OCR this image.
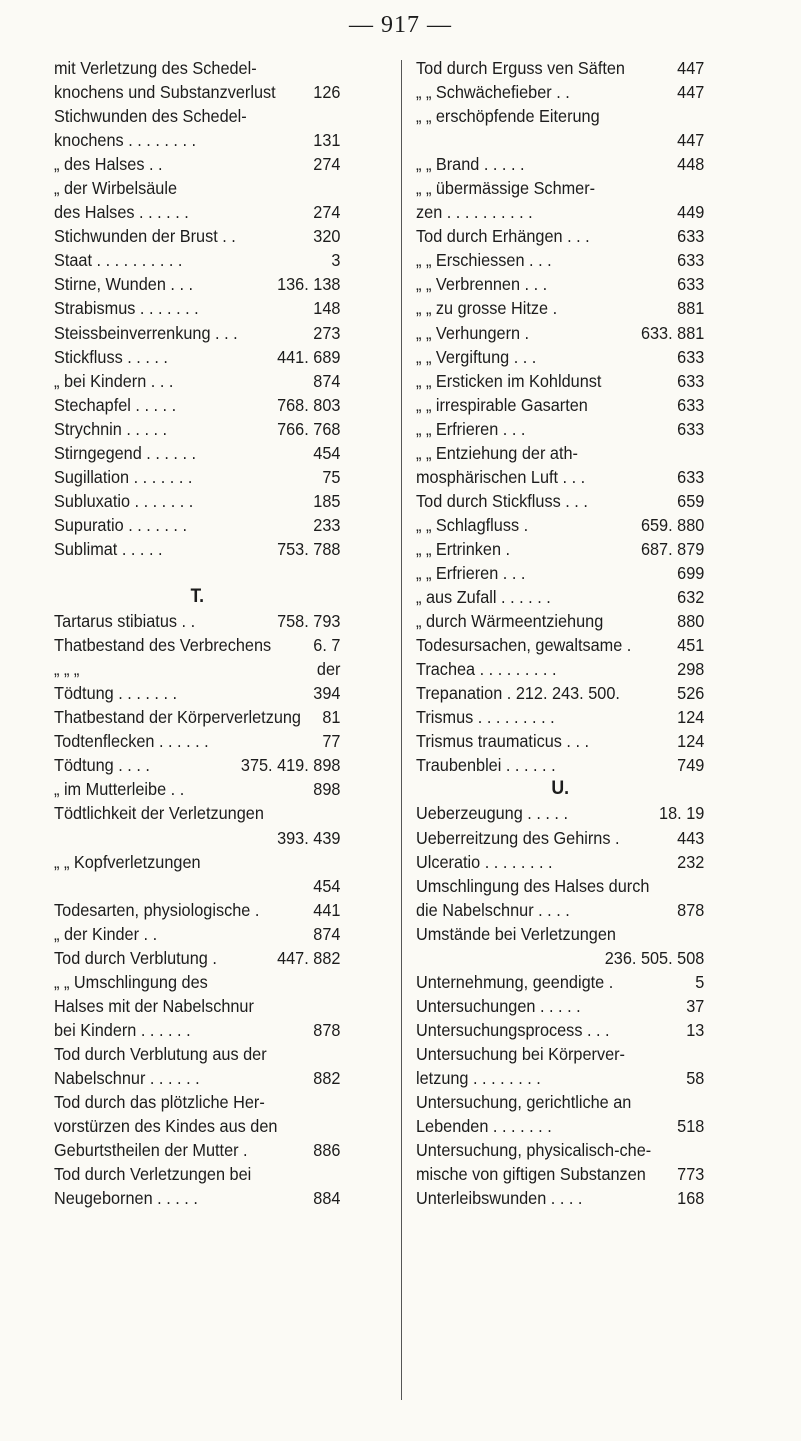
— 917 —
mit Verletzung des Schedel-
knochens und Substanzverlust	126
Stichwunden des Schedel-
knochens . . . . . . . .	131
„ des Halses . .	274
„ der Wirbelsäule
des Halses . . . . . .	274
Stichwunden der Brust . .	320
Staat . . . . . . . . . .	3
Stirne, Wunden . . .	136. 138
Strabismus . . . . . . .	148
Steissbeinverrenkung . . .	273
Stickfluss . . . . .	441. 689
„ bei Kindern . . .	874
Stechapfel . . . . .	768. 803
Strychnin . . . . .	766. 768
Stirngegend . . . . . .	454
Sugillation . . . . . . .	75
Subluxatio . . . . . . .	185
Supuratio . . . . . . .	233
Sublimat . . . . .	753. 788
T.
Tartarus stibiatus . .	758. 793
Thatbestand des Verbrechens	6. 7
„ „ „	der
Tödtung . . . . . . .	394
Thatbestand der Körperverletzung	81
Todtenflecken . . . . . .	77
Tödtung . . . .	375. 419. 898
„ im Mutterleibe . .	898
Tödtlichkeit der Verletzungen
393. 439
„ „ Kopfverletzungen
454
Todesarten, physiologische .	441
„ der Kinder . .	874
Tod durch Verblutung .	447. 882
„ „ Umschlingung des
Halses mit der Nabelschnur
bei Kindern . . . . . .	878
Tod durch Verblutung aus der
Nabelschnur . . . . . .	882
Tod durch das plötzliche Her-
vorstürzen des Kindes aus den
Geburtstheilen der Mutter .	886
Tod durch Verletzungen bei
Neugebornen . . . . .	884
Tod durch Erguss ven Säften	447
„ „ Schwächefieber . .	447
„ „ erschöpfende Eiterung
447
„ „ Brand . . . . .	448
„ „ übermässige Schmer-
zen . . . . . . . . . .	449
Tod durch Erhängen . . .	633
„ „ Erschiessen . . .	633
„ „ Verbrennen . . .	633
„ „ zu grosse Hitze .	881
„ „ Verhungern .	633. 881
„ „ Vergiftung . . .	633
„ „ Ersticken im Kohldunst	633
„ „ irrespirable Gasarten	633
„ „ Erfrieren . . .	633
„ „ Entziehung der ath-
mosphärischen Luft . . .	633
Tod durch Stickfluss . . .	659
„ „ Schlagfluss .	659. 880
„ „ Ertrinken .	687. 879
„ „ Erfrieren . . .	699
„ aus Zufall . . . . . .	632
„ durch Wärmeentziehung	880
Todesursachen, gewaltsame .	451
Trachea . . . . . . . . .	298
Trepanation . 212. 243. 500.	526
Trismus . . . . . . . . .	124
Trismus traumaticus . . .	124
Traubenblei . . . . . .	749
U.
Ueberzeugung . . . . .	18. 19
Ueberreitzung des Gehirns .	443
Ulceratio . . . . . . . .	232
Umschlingung des Halses durch
die Nabelschnur . . . .	878
Umstände bei Verletzungen
236. 505. 508
Unternehmung, geendigte .	5
Untersuchungen . . . . .	37
Untersuchungsprocess . . .	13
Untersuchung bei Körperver-
letzung . . . . . . . .	58
Untersuchung, gerichtliche an
Lebenden . . . . . . .	518
Untersuchung, physicalisch-che-
mische von giftigen Substanzen	773
Unterleibswunden . . . .	168
